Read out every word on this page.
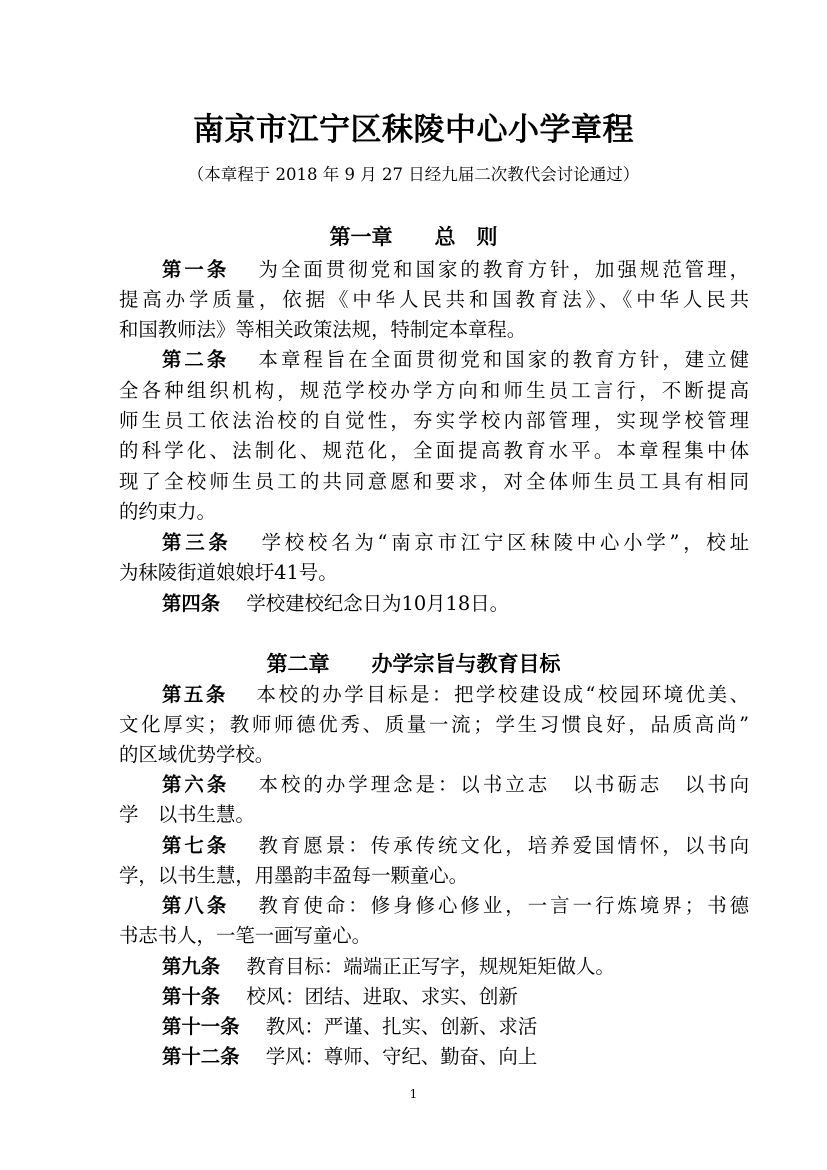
南京市江宁区秣陵中心小学章程
（本章程于 2018 年 9 月 27 日经九届二次教代会讨论通过）
第一章　　总　则
第一条 为全面贯彻党和国家的教育方针，加强规范管理，
提高办学质量，依据《中华人民共和国教育法》、《中华人民共
和国教师法》等相关政策法规，特制定本章程。
第二条 本章程旨在全面贯彻党和国家的教育方针，建立健
全各种组织机构，规范学校办学方向和师生员工言行，不断提高
师生员工依法治校的自觉性，夯实学校内部管理，实现学校管理
的科学化、法制化、规范化，全面提高教育水平。本章程集中体
现了全校师生员工的共同意愿和要求，对全体师生员工具有相同
的约束力。
第三条 学校校名为“南京市江宁区秣陵中心小学”，校址
为秣陵街道娘娘圩41号。
第四条 学校建校纪念日为10月18日。
第二章　　办学宗旨与教育目标
第五条 本校的办学目标是：把学校建设成“校园环境优美、
文化厚实；教师师德优秀、质量一流；学生习惯良好，品质高尚”
的区域优势学校。
第六条 本校的办学理念是：以书立志　以书砺志　以书向
学　以书生慧。
第七条 教育愿景：传承传统文化，培养爱国情怀，以书向
学，以书生慧，用墨韵丰盈每一颗童心。
第八条 教育使命：修身修心修业，一言一行炼境界；书德
书志书人，一笔一画写童心。
第九条 教育目标：端端正正写字，规规矩矩做人。
第十条 校风：团结、进取、求实、创新
第十一条 教风：严谨、扎实、创新、求活
第十二条 学风：尊师、守纪、勤奋、向上
1
